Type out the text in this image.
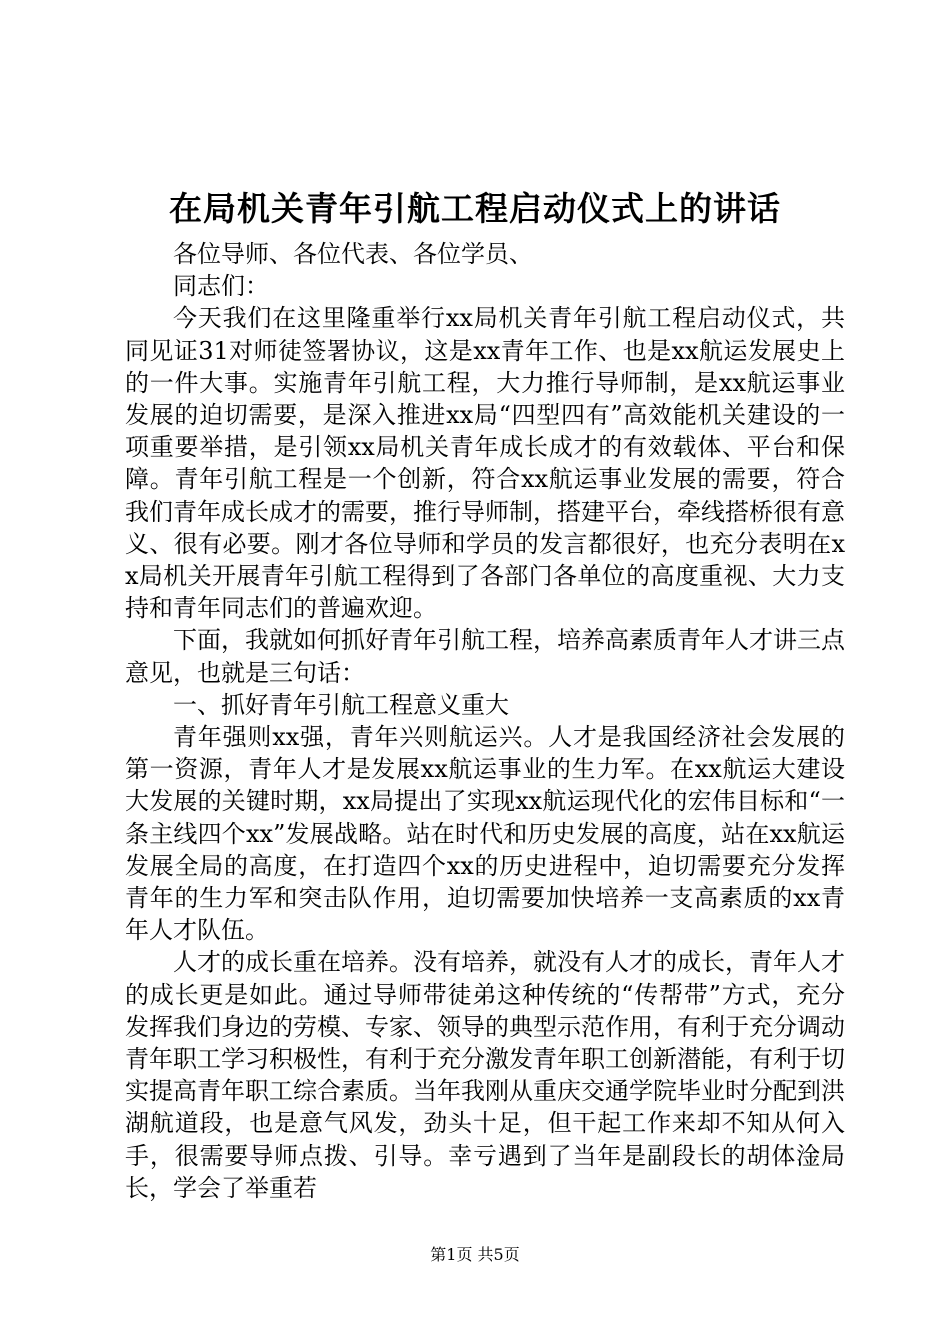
在局机关青年引航工程启动仪式上的讲话

各位导师、各位代表、各位学员、

同志们：

今天我们在这里隆重举行xx局机关青年引航工程启动仪式，共同见证31对师徒签署协议，这是xx青年工作、也是xx航运发展史上的一件大事。实施青年引航工程，大力推行导师制，是xx航运事业发展的迫切需要，是深入推进xx局“四型四有”高效能机关建设的一项重要举措，是引领xx局机关青年成长成才的有效载体、平台和保障。青年引航工程是一个创新，符合xx航运事业发展的需要，符合我们青年成长成才的需要，推行导师制，搭建平台，牵线搭桥很有意义、很有必要。刚才各位导师和学员的发言都很好，也充分表明在xx局机关开展青年引航工程得到了各部门各单位的高度重视、大力支持和青年同志们的普遍欢迎。

下面，我就如何抓好青年引航工程，培养高素质青年人才讲三点意见，也就是三句话：

一、抓好青年引航工程意义重大

青年强则xx强，青年兴则航运兴。人才是我国经济社会发展的第一资源，青年人才是发展xx航运事业的生力军。在xx航运大建设大发展的关键时期，xx局提出了实现xx航运现代化的宏伟目标和“一条主线四个xx”发展战略。站在时代和历史发展的高度，站在xx航运发展全局的高度，在打造四个xx的历史进程中，迫切需要充分发挥青年的生力军和突击队作用，迫切需要加快培养一支高素质的xx青年人才队伍。

人才的成长重在培养。没有培养，就没有人才的成长，青年人才的成长更是如此。通过导师带徒弟这种传统的“传帮带”方式，充分发挥我们身边的劳模、专家、领导的典型示范作用，有利于充分调动青年职工学习积极性，有利于充分激发青年职工创新潜能，有利于切实提高青年职工综合素质。当年我刚从重庆交通学院毕业时分配到洪湖航道段，也是意气风发，劲头十足，但干起工作来却不知从何入手，很需要导师点拨、引导。幸亏遇到了当年是副段长的胡体淦局长，学会了举重若

第1页 共5页
